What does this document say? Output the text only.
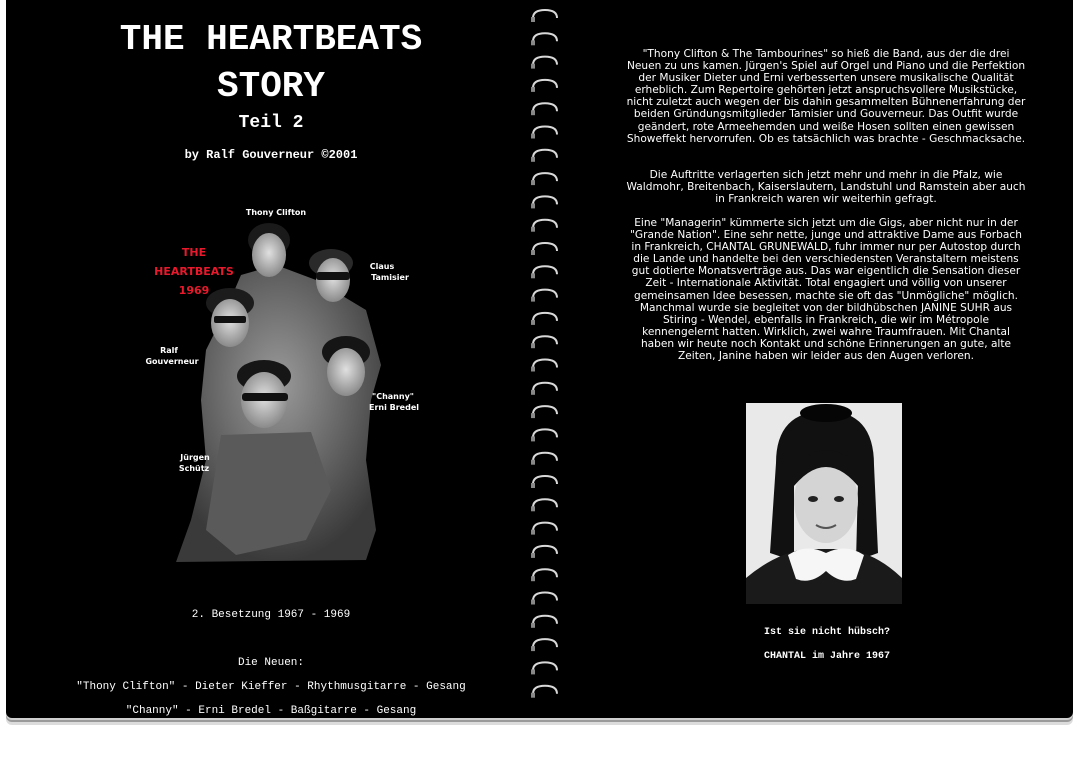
THE HEARTBEATS
STORY
Teil 2
by Ralf Gouverneur ©2001
THE
HEARTBEATS
1969
Thony Clifton
Claus
Tamisier
Ralf
Gouverneur
"Channy"
Erni Bredel
Jürgen
Schütz

2. Besetzung 1967 - 1969

Die Neuen:

"Thony Clifton" - Dieter Kieffer - Rhythmusgitarre - Gesang

"Channy" - Erni Bredel - Baßgitarre - Gesang

† Jürgen Schütz - Keyboards

alle aus Gersweiler

"Thony Clifton & The Tambourines" so hieß die Band, aus der die drei Neuen zu uns kamen. Jürgen's Spiel auf Orgel und Piano und die Perfektion der Musiker Dieter und Erni verbesserten unsere musikalische Qualität erheblich. Zum Repertoire gehörten jetzt anspruchsvollere Musikstücke, nicht zuletzt auch wegen der bis dahin gesammelten Bühnenerfahrung der beiden Gründungsmitglieder Tamisier und Gouverneur. Das Outfit wurde geändert, rote Armeehemden und weiße Hosen sollten einen gewissen Showeffekt hervorrufen. Ob es tatsächlich was brachte - Geschmacksache.
Die Auftritte verlagerten sich jetzt mehr und mehr in die Pfalz, wie Waldmohr, Breitenbach, Kaiserslautern, Landstuhl und Ramstein aber auch in Frankreich waren wir weiterhin gefragt.
Eine "Managerin" kümmerte sich jetzt um die Gigs, aber nicht nur in der "Grande Nation". Eine sehr nette, junge und attraktive Dame aus Forbach in Frankreich, CHANTAL GRUNEWALD, fuhr immer nur per Autostop durch die Lande und handelte bei den verschiedensten Veranstaltern meistens gut dotierte Monatsverträge aus. Das war eigentlich die Sensation dieser Zeit - Internationale Aktivität. Total engagiert und völlig von unserer gemeinsamen Idee besessen, machte sie oft das "Unmögliche" möglich. Manchmal wurde sie begleitet von der bildhübschen JANINE SUHR aus Stiring - Wendel, ebenfalls in Frankreich, die wir im Métropole kennengelernt hatten. Wirklich, zwei wahre Traumfrauen. Mit Chantal haben wir heute noch Kontakt und schöne Erinnerungen an gute, alte Zeiten, Janine haben wir leider aus den Augen verloren.

Ist sie nicht hübsch?

CHANTAL im Jahre 1967
